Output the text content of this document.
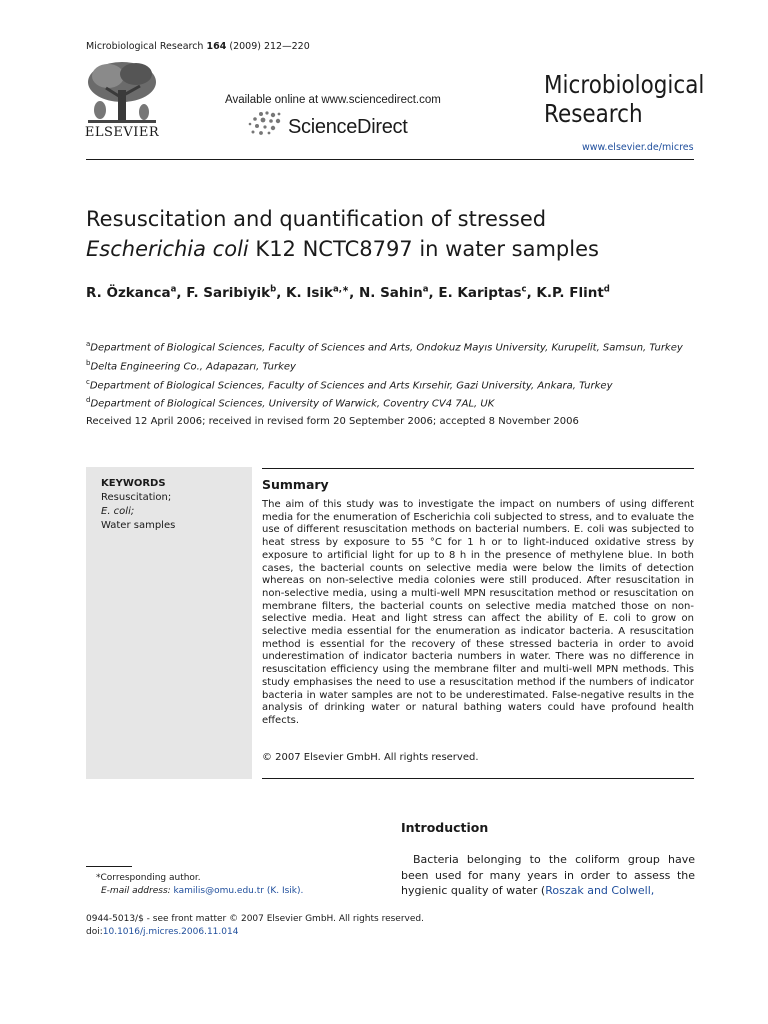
Microbiological Research 164 (2009) 212—220
ELSEVIER
Available online at www.sciencedirect.com
ScienceDirect
Microbiological
Research
www.elsevier.de/micres
Resuscitation and quantification of stressed
Escherichia coli K12 NCTC8797 in water samples
R. Özkanca$^a$, F. Saribiyik$^b$, K. Isik$^{a,∗}$, N. Sahin$^a$, E. Kariptas$^c$, K.P. Flint$^d$
$^a$Department of Biological Sciences, Faculty of Sciences and Arts, Ondokuz Mayıs University, Kurupelit, Samsun, Turkey
$^b$Delta Engineering Co., Adapazarı, Turkey
$^c$Department of Biological Sciences, Faculty of Sciences and Arts Kırsehir, Gazi University, Ankara, Turkey
$^d$Department of Biological Sciences, University of Warwick, Coventry CV4 7AL, UK
Received 12 April 2006; received in revised form 20 September 2006; accepted 8 November 2006
KEYWORDS
Resuscitation;
E. coli;
Water samples
Summary
The aim of this study was to investigate the impact on numbers of using different media for the enumeration of Escherichia coli subjected to stress, and to evaluate the use of different resuscitation methods on bacterial numbers. E. coli was subjected to heat stress by exposure to 55 °C for 1 h or to light-induced oxidative stress by exposure to artificial light for up to 8 h in the presence of methylene blue. In both cases, the bacterial counts on selective media were below the limits of detection whereas on non-selective media colonies were still produced. After resuscitation in non-selective media, using a multi-well MPN resuscitation method or resuscitation on membrane filters, the bacterial counts on selective media matched those on non-selective media. Heat and light stress can affect the ability of E. coli to grow on selective media essential for the enumeration as indicator bacteria. A resuscitation method is essential for the recovery of these stressed bacteria in order to avoid underestimation of indicator bacteria numbers in water. There was no difference in resuscitation efficiency using the membrane filter and multi-well MPN methods. This study emphasises the need to use a resuscitation method if the numbers of indicator bacteria in water samples are not to be underestimated. False-negative results in the analysis of drinking water or natural bathing waters could have profound health effects.
© 2007 Elsevier GmbH. All rights reserved.
Introduction
Bacteria belonging to the coliform group have been used for many years in order to assess the hygienic quality of water (Roszak and Colwell,
*Corresponding author.
E-mail address: kamilis@omu.edu.tr (K. Isik).
0944-5013/$ - see front matter © 2007 Elsevier GmbH. All rights reserved.
doi:10.1016/j.micres.2006.11.014
